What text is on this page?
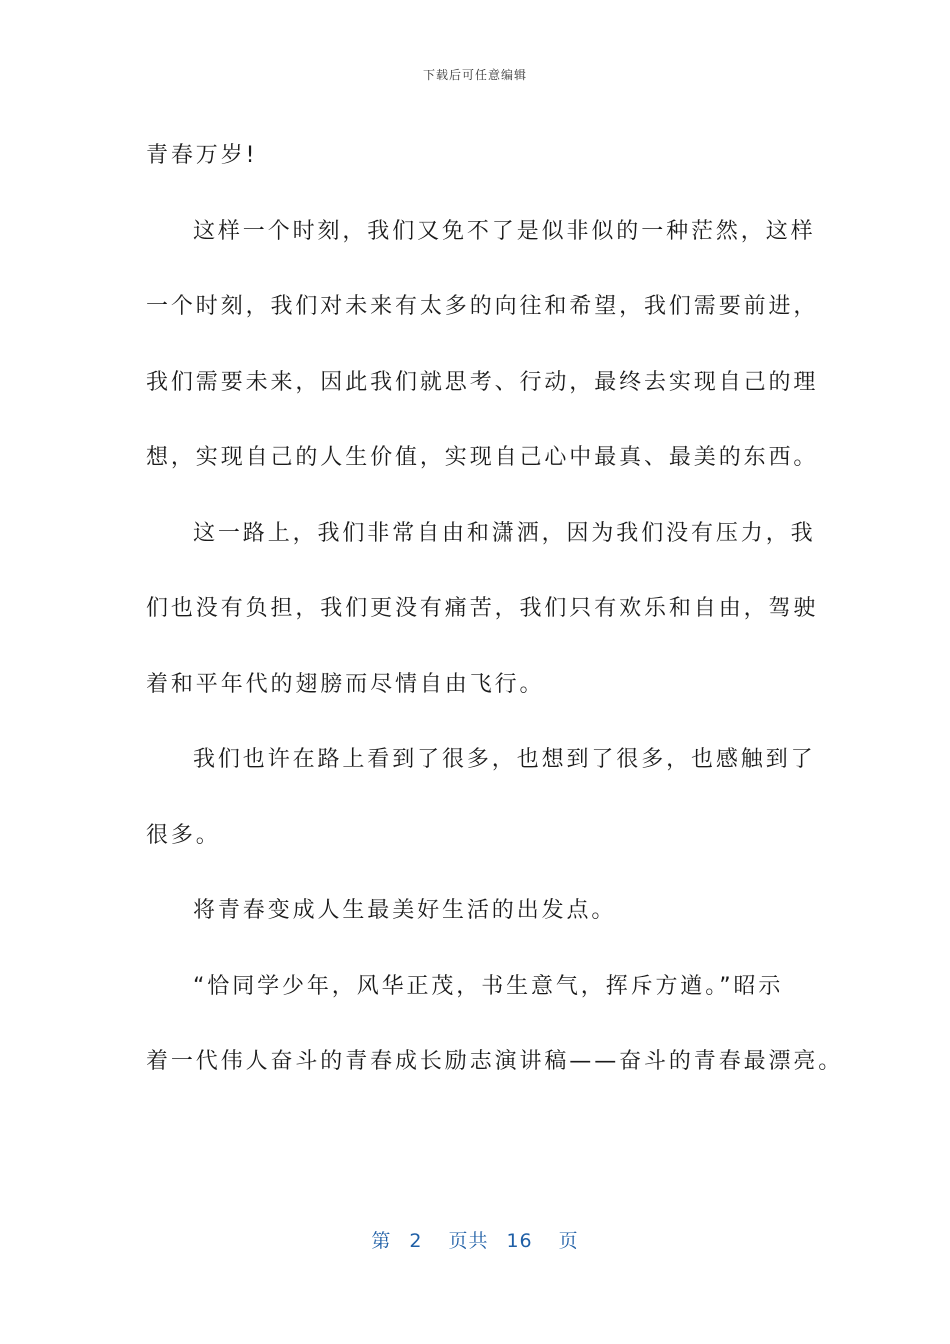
下载后可任意编辑
青春万岁!
这样一个时刻，我们又免不了是似非似的一种茫然，这样
一个时刻，我们对未来有太多的向往和希望，我们需要前进，
我们需要未来，因此我们就思考、行动，最终去实现自己的理
想，实现自己的人生价值，实现自己心中最真、最美的东西。
这一路上，我们非常自由和潇洒，因为我们没有压力，我
们也没有负担，我们更没有痛苦，我们只有欢乐和自由，驾驶
着和平年代的翅膀而尽情自由飞行。
我们也许在路上看到了很多，也想到了很多，也感触到了
很多。
将青春变成人生最美好生活的出发点。
“恰同学少年，风华正茂，书生意气，挥斥方遒。”昭示
着一代伟人奋斗的青春成长励志演讲稿——奋斗的青春最漂亮。
第 2 页共 16 页
